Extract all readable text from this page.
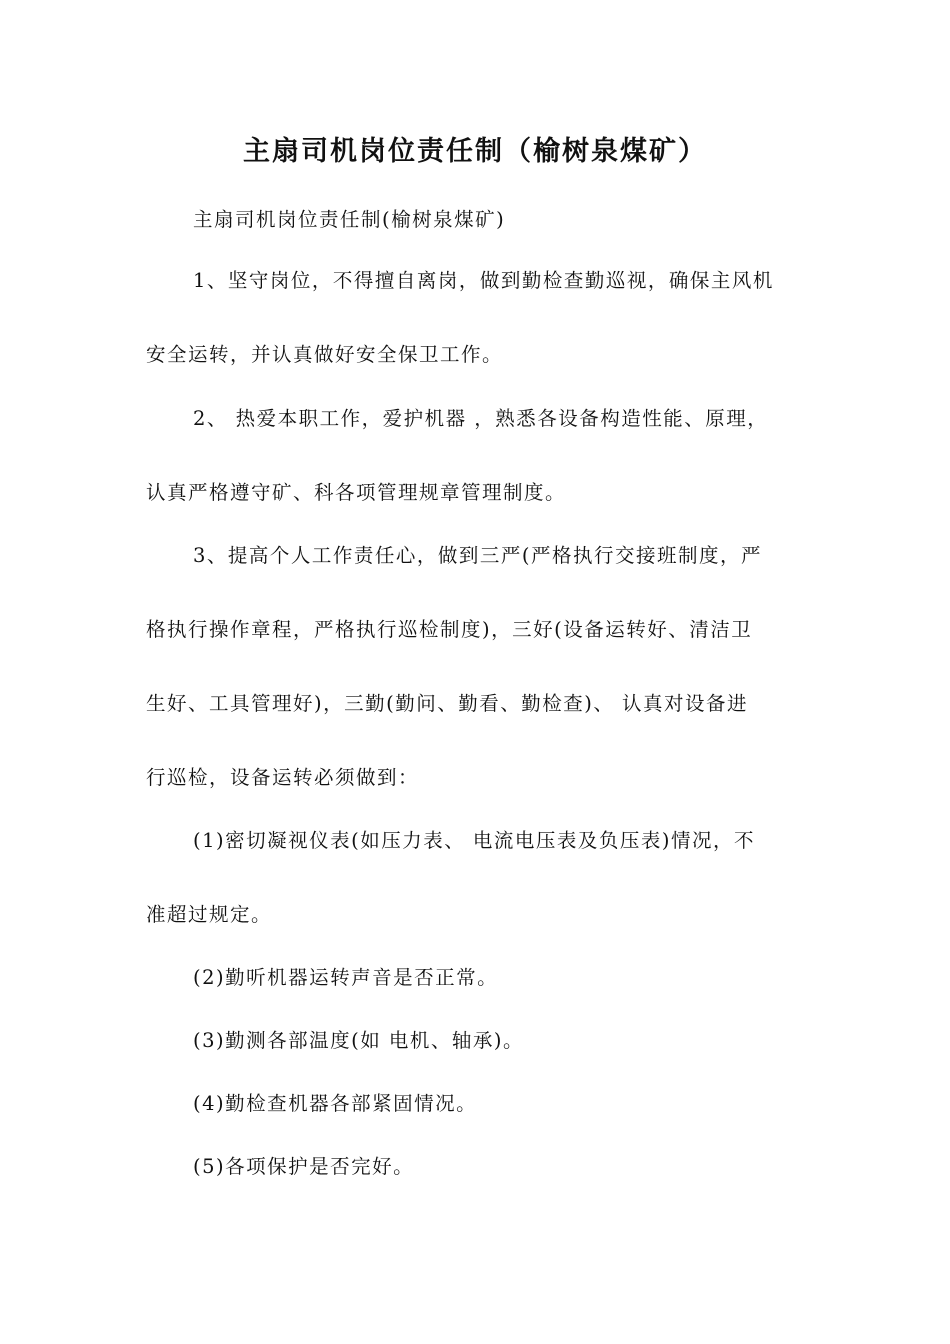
主扇司机岗位责任制（榆树泉煤矿）
主扇司机岗位责任制(榆树泉煤矿)
1、坚守岗位，不得擅自离岗，做到勤检查勤巡视，确保主风机
安全运转，并认真做好安全保卫工作。
2、 热爱本职工作，爱护机器 ，熟悉各设备构造性能、原理，
认真严格遵守矿、科各项管理规章管理制度。
3、提高个人工作责任心，做到三严(严格执行交接班制度，严
格执行操作章程，严格执行巡检制度)，三好(设备运转好、清洁卫
生好、工具管理好)，三勤(勤问、勤看、勤检查)、 认真对设备进
行巡检，设备运转必须做到：
(1)密切凝视仪表(如压力表、 电流电压表及负压表)情况，不
准超过规定。
(2)勤听机器运转声音是否正常。
(3)勤测各部温度(如 电机、轴承)。
(4)勤检查机器各部紧固情况。
(5)各项保护是否完好。
